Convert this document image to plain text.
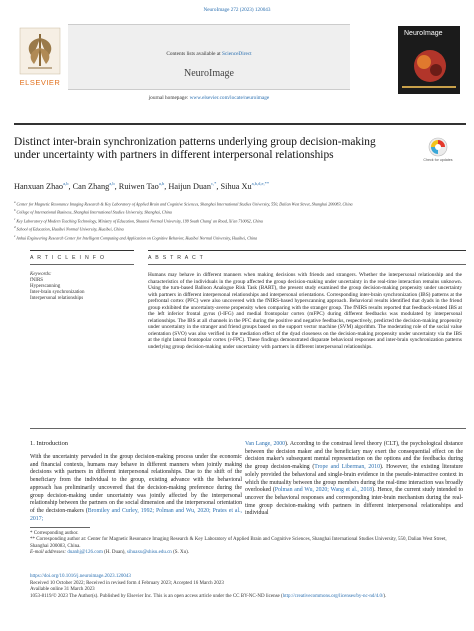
NeuroImage 272 (2023) 120043
Contents lists available at ScienceDirect
NeuroImage
journal homepage: www.elsevier.com/locate/neuroimage
ELSEVIER
NeuroImage
Distinct inter-brain synchronization patterns underlying group decision-making under uncertainty with partners in different interpersonal relationships	Check for updates
Hanxuan Zhao$^{a,b}$, Can Zhang$^{a,b}$, Ruiwen Tao$^{a,b}$, Haijun Duan$^{c,*}$, Sihua $Xu^{a,b,d,e,**}$
$^a$ Center for Magnetic Resonance Imaging Research & Key Laboratory of Applied Brain and Cognitive Sciences, Shanghai International Studies University, 550, Dalian West Street, Shanghai 200083, China
$^b$ College of International Business, Shanghai International Studies University, Shanghai, China
$^c$ Key Laboratory of Modern Teaching Technology, Ministry of Education, Shaanxi Normal University, 199 South Chang' an Road, Xi'an 710062, China
$^d$ School of Education, Huaibei Normal University, Huaibei, China
$^e$ Anhui Engineering Research Center for Intelligent Computing and Application on Cognitive Behavior, Huaibei Normal University, Huaibei, China
A R T I C L E I N F O	A B S T R A C T
Keywords:
fNIRS
Hyperscanning
Inter-brain synchronization
Interpersonal relationships
Humans may behave in different manners when making decisions with friends and strangers. Whether the interpersonal relationship and the characteristics of the individuals in the group affected the group decision-making under uncertainty in the real-time interaction remains unknown. Using the turn-based Balloon Analogue Risk Task (BART), the present study examined the group decision-making propensity under uncertainty with partners in different interpersonal relationships and interpersonal orientations. Corresponding inter-brain synchronization (IBS) patterns at the prefrontal cortex (PFC) were also uncovered with the fNIRS-based hyperscanning approach. Behavioral results identified that dyads in the friend group exhibited the uncertainty-averse propensity when comparing with the stranger group. The fNIRS results reported that feedback-related IBS at the left inferior frontal gyrus (l-IFG) and medial frontopolar cortex (mFPC) during different feedbacks was modulated by interpersonal relationships. The IBS at all channels in the PFC during the positive and negative feedbacks, respectively, predicted the decision-making propensity under uncertainty in the stranger and friend groups based on the support vector machine (SVM) algorithm. The moderating role of the social value orientation (SVO) was also verified in the mediation effect of the dyad closeness on the decision-making propensity under uncertainty via the IBS at the right lateral frontopolar cortex (r-FPC). These findings demonstrated disparate behavioral responses and inter-brain synchronization patterns underlying group decision-making under uncertainty with partners in different interpersonal relationships.
1. Introduction
With the uncertainty pervaded in the group decision-making process under the economic and financial contexts, humans may behave in different manners when jointly making decisions with partners in different interpersonal relationships. Due to the shift of the beneficiary from the individual to the group, existing advance with the behavioral approach has preliminarily uncovered that the decision-making preference during the group decision-making under uncertainty was jointly affected by the interpersonal relationship between the partners on the social dimension and the interpersonal orientation of the decision-makers (Bromiley and Curley, 1992; Polman and Wu, 2020; Prates et al., 2017;
Van Lange, 2000). According to the construal level theory (CLT), the psychological distance between the decision maker and the beneficiary may exert the consequential effect on the decision maker's subsequent mental representation on the options and the feedbacks during the group decision-making (Trope and Liberman, 2010). However, the existing literature solely provided the behavioral and single-brain evidence in the pseudo-interactive context in which the mutuality between the group members during the real-time interaction was broadly overlooked (Polman and Wu, 2020; Wang et al., 2018). Hence, the current study intended to uncover the behavioral responses and corresponding inter-brain mechanism during the real-time group decision-making with partners in different interpersonal relationships and individual
* Corresponding author.
** Corresponding author at: Center for Magnetic Resonance Imaging Research & Key Laboratory of Applied Brain and Cognitive Sciences, Shanghai International Studies University, 550, Dalian West Street, Shanghai 200083, China.
E-mail addresses: duanhj@126.com (H. Duan), sihuaxu@shisu.edu.cn (S. Xu).
https://doi.org/10.1016/j.neuroimage.2023.120043
Received 10 October 2022; Received in revised form 4 February 2023; Accepted 16 March 2023
Available online 31 March 2023
1053-8119/© 2023 The Author(s). Published by Elsevier Inc. This is an open access article under the CC BY-NC-ND license (http://creativecommons.org/licenses/by-nc-nd/4.0/).
